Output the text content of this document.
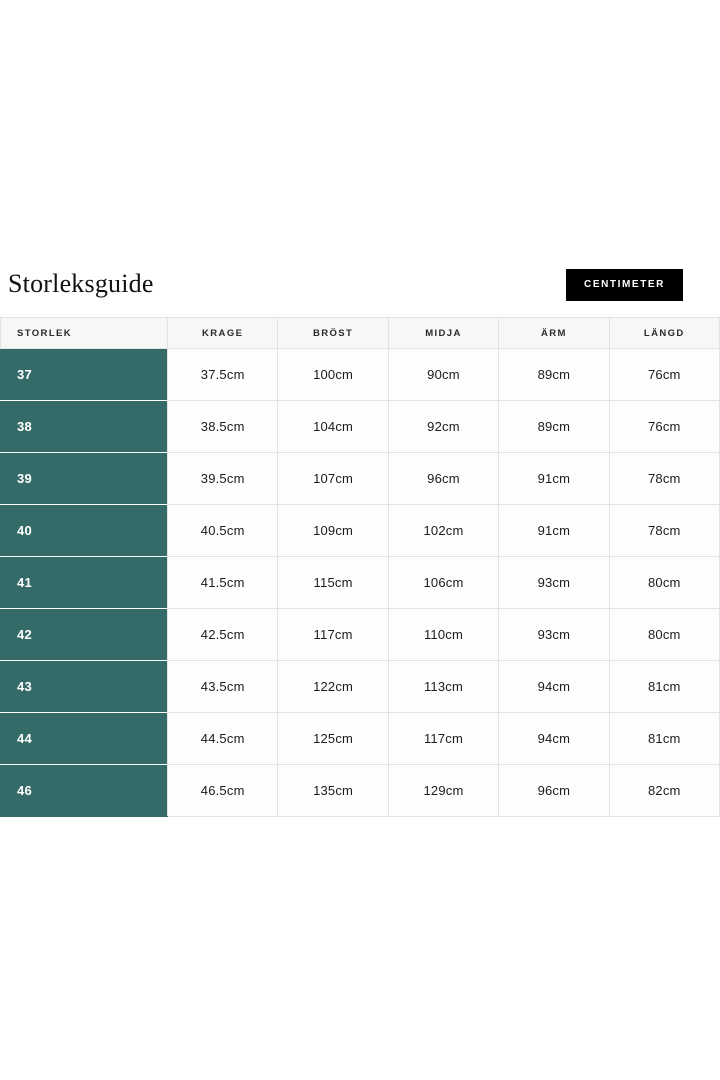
Storleksguide	CENTIMETER
STORLEK	KRAGE	BRÖST	MIDJA	ÄRM	LÄNGD
37	37.5cm	100cm	90cm	89cm	76cm
38	38.5cm	104cm	92cm	89cm	76cm
39	39.5cm	107cm	96cm	91cm	78cm
40	40.5cm	109cm	102cm	91cm	78cm
41	41.5cm	115cm	106cm	93cm	80cm
42	42.5cm	117cm	110cm	93cm	80cm
43	43.5cm	122cm	113cm	94cm	81cm
44	44.5cm	125cm	117cm	94cm	81cm
46	46.5cm	135cm	129cm	96cm	82cm
